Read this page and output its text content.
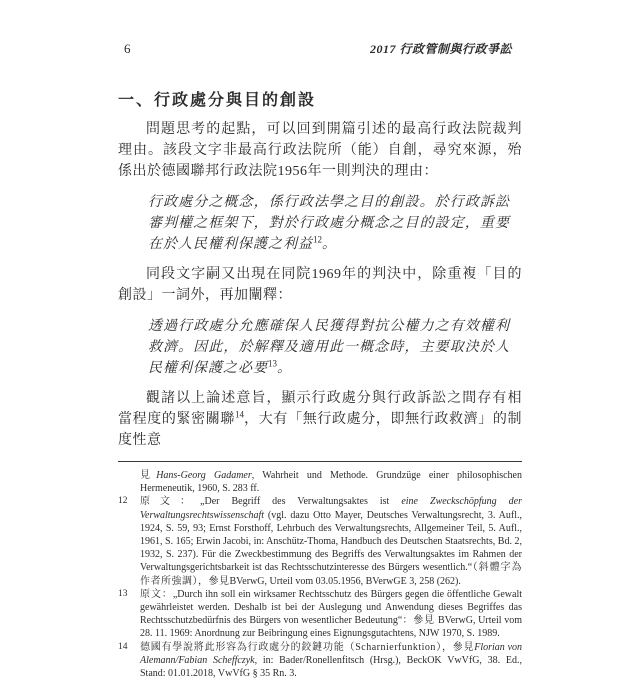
6	2017 行政管制與行政爭訟
一、行政處分與目的創設

問題思考的起點，可以回到開篇引述的最高行政法院裁判理由。該段文字非最高行政法院所（能）自創，尋究來源，殆係出於德國聯邦行政法院1956年一則判決的理由：

行政處分之概念，係行政法學之目的創設。於行政訴訟審判權之框架下，對於行政處分概念之目的設定，重要在於人民權利保護之利益$^{12}$。

同段文字嗣又出現在同院1969年的判決中，除重複「目的創設」一詞外，再加闡釋：

透過行政處分允應確保人民獲得對抗公權力之有效權利救濟。因此，於解釋及適用此一概念時，主要取決於人民權利保護之必要$^{13}$。

觀諸以上論述意旨，顯示行政處分與行政訴訟之間存有相當程度的緊密關聯$^{14}$，大有「無行政處分，即無行政救濟」的制度性意

見Hans-Georg Gadamer, Wahrheit und Methode. Grundzüge einer philosophischen Hermeneutik, 1960, S. 283 ff.
12	原文：„Der Begriff des Verwaltungsaktes ist eine Zweckschöpfung der Verwaltungsrechtswissenschaft (vgl. dazu Otto Mayer, Deutsches Verwaltungsrecht, 3. Aufl., 1924, S. 59, 93; Ernst Forsthoff, Lehrbuch des Verwaltungsrechts, Allgemeiner Teil, 5. Aufl., 1961, S. 165; Erwin Jacobi, in: Anschütz-Thoma, Handbuch des Deutschen Staatsrechts, Bd. 2, 1932, S. 237). Für die Zweckbestimmung des Begriffs des Verwaltungsaktes im Rahmen der Verwaltungsgerichtsbarkeit ist das Rechtsschutzinteresse des Bürgers wesentlich.“（斜體字為作者所強調），參見BVerwG, Urteil vom 03.05.1956, BVerwGE 3, 258 (262).
13	原文：„Durch ihn soll ein wirksamer Rechtsschutz des Bürgers gegen die öffentliche Gewalt gewährleistet werden. Deshalb ist bei der Auslegung und Anwendung dieses Begriffes das Rechtsschutzbedürfnis des Bürgers von wesentlicher Bedeutung“：參見 BVerwG, Urteil vom 28. 11. 1969: Anordnung zur Beibringung eines Eignungsgutachtens, NJW 1970, S. 1989.
14	德國有學說將此形容為行政處分的鉸鏈功能（Scharnierfunktion），參見Florian von Alemann/Fabian Scheffczyk, in: Bader/Ronellenfitsch (Hrsg.), BeckOK VwVfG, 38. Ed., Stand: 01.01.2018, VwVfG § 35 Rn. 3.
